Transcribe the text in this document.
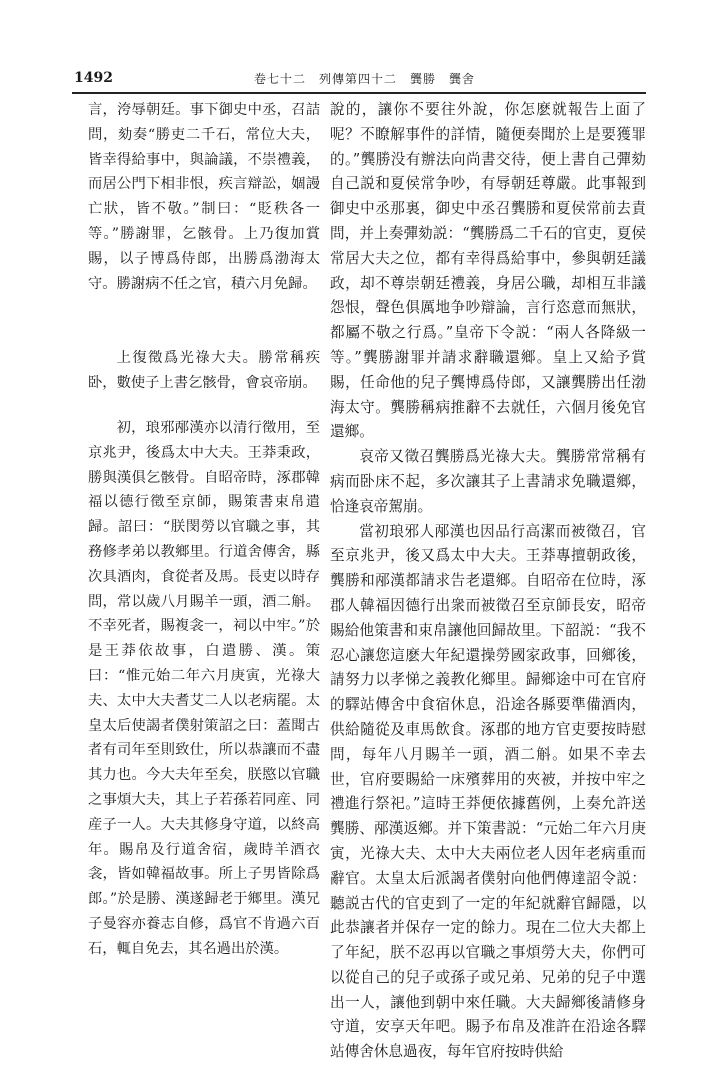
1492	卷七十二　列傳第四十二　龔勝　龔舍

言，洿辱朝廷。事下御史中丞，召詰問，劾奏“勝吏二千石，常位大夫，皆幸得給事中，與論議，不崇禮義，而居公門下相非恨，疾言辯訟，婟謾亡狀，皆不敬。”制曰：“貶秩各一等。”勝謝罪，乞骸骨。上乃復加賞賜，以子博爲侍郎，出勝爲渤海太守。勝謝病不任之官，積六月免歸。

上復徵爲光祿大夫。勝常稱疾卧，數使子上書乞骸骨，會哀帝崩。

初，琅邪邴漢亦以清行徵用，至京兆尹，後爲太中大夫。王莽秉政，勝與漢俱乞骸骨。自昭帝時，涿郡韓福以德行徵至京師，賜策書束帛遣歸。詔曰：“朕閔勞以官職之事，其務修孝弟以教鄉里。行道舍傳舍，縣次具酒肉，食從者及馬。長吏以時存問，常以歲八月賜羊一頭，酒二斛。不幸死者，賜複衾一，祠以中牢。”於是王莽依故事，白遣勝、漢。策曰：“惟元始二年六月庚寅，光祿大夫、太中大夫耆艾二人以老病罷。太皇太后使謁者僕射策詔之曰：蓋聞古者有司年至則致仕，所以恭讓而不盡其力也。今大夫年至矣，朕愍以官職之事煩大夫，其上子若孫若同産、同産子一人。大夫其修身守道，以終高年。賜帛及行道舍宿，歲時羊酒衣衾，皆如韓福故事。所上子男皆除爲郎。”於是勝、漢遂歸老于鄉里。漢兄子曼容亦養志自修，爲官不肯過六百石，輒自免去，其名過出於漢。

說的，讓你不要往外說，你怎麽就報告上面了呢？不瞭解事件的詳情，隨便奏聞於上是要獲罪的。”龔勝没有辦法向尚書交待，便上書自己彈劾自己説和夏侯常争吵，有辱朝廷尊嚴。此事報到御史中丞那裏，御史中丞召龔勝和夏侯常前去責問，并上奏彈劾説：“龔勝爲二千石的官吏，夏侯常居大夫之位，都有幸得爲給事中，參與朝廷議政，却不尊崇朝廷禮義，身居公職，却相互非議怨恨，聲色俱厲地争吵辯論，言行恣意而無狀，都屬不敬之行爲。”皇帝下令説：“兩人各降級一等。”龔勝謝罪并請求辭職還鄉。皇上又給予賞賜，任命他的兒子龔博爲侍郎，又讓龔勝出任渤海太守。龔勝稱病推辭不去就任，六個月後免官還鄉。

哀帝又徵召龔勝爲光祿大夫。龔勝常常稱有病而卧床不起，多次讓其子上書請求免職還鄉，恰逢哀帝駕崩。

當初琅邪人邴漢也因品行高潔而被徵召，官至京兆尹，後又爲太中大夫。王莽專擅朝政後，龔勝和邴漢都請求告老還鄉。自昭帝在位時，涿郡人韓福因德行出衆而被徵召至京師長安，昭帝賜給他策書和束帛讓他回歸故里。下韶説：“我不忍心讓您這麽大年紀還操勞國家政事，回鄉後，請努力以孝悌之義教化鄉里。歸鄉途中可在官府的驛站傳舍中食宿休息，沿途各縣要準備酒肉，供給隨從及車馬飲食。涿郡的地方官吏要按時慰問，每年八月賜羊一頭，酒二斛。如果不幸去世，官府要賜給一床殯葬用的夾被，并按中牢之禮進行祭祀。”這時王莽便依據舊例，上奏允許送龔勝、邴漢返鄉。并下策書説：“元始二年六月庚寅，光祿大夫、太中大夫兩位老人因年老病重而辭官。太皇太后派謁者僕射向他們傳達詔令説：聽説古代的官吏到了一定的年紀就辭官歸隱，以此恭讓者并保存一定的餘力。現在二位大夫都上了年紀，朕不忍再以官職之事煩勞大夫，你們可以從自己的兒子或孫子或兄弟、兄弟的兒子中選出一人，讓他到朝中來任職。大夫歸鄉後請修身守道，安享天年吧。賜予布帛及准許在沿途各驛站傳舍休息過夜，每年官府按時供給
